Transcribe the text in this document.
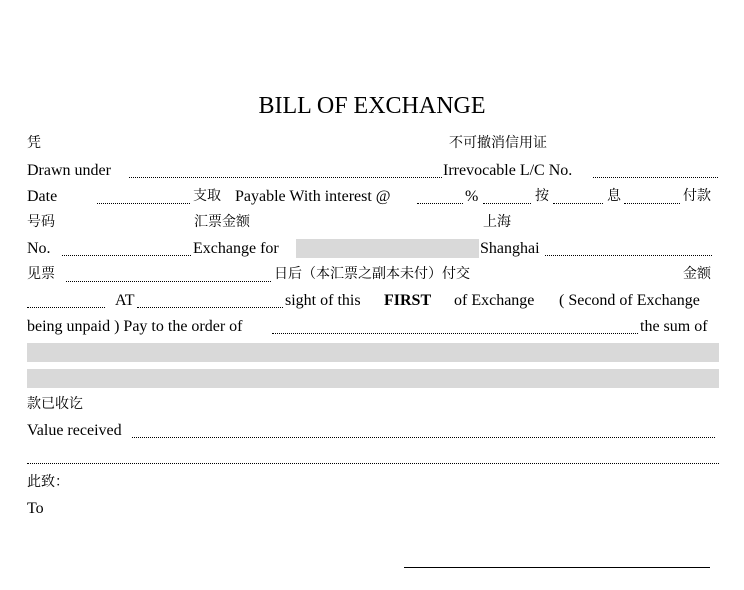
BILL OF EXCHANGE
凭	不可撤消信用证
Drawn under	Irrevocable L/C No.
Date	支取 Payable With interest @	%	按	息	付款
号码	汇票金额	上海
No.	Exchange for	Shanghai
见票	日后（本汇票之副本未付）付交	金额
AT	sight of this FIRST of Exchange ( Second of Exchange
being unpaid ) Pay to the order of	the sum of
款已收讫
Value received
此致：
To
